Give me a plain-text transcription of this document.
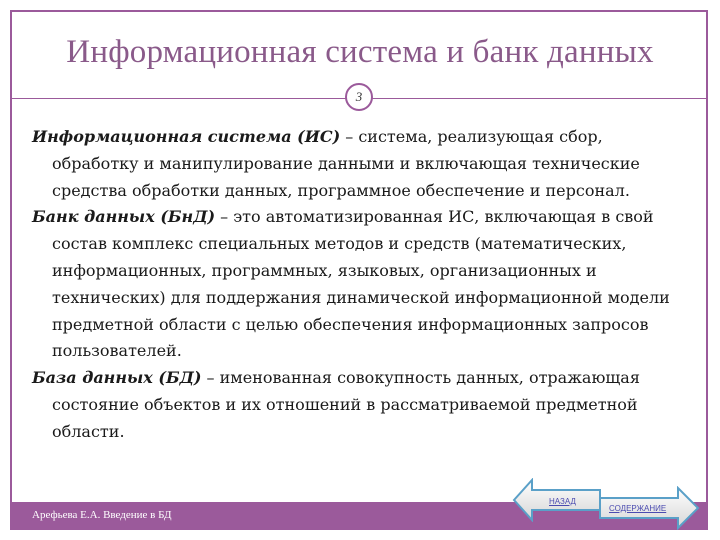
Информационная система и банк данных
3

Информационная система (ИС) – система, реализующая сбор, обработку и манипулирование данными и включающая технические средства обработки данных, программное обеспечение и персонал.

Банк данных (БнД) – это автоматизированная ИС, включающая в свой состав комплекс специальных методов и средств (математических, информационных, программных, языковых, организационных и технических) для поддержания динамической информационной модели предметной области с целью обеспечения информационных запросов пользователей.

База данных (БД) – именованная совокупность данных, отражающая состояние объектов и их отношений в рассматриваемой предметной области.

Арефьева Е.А. Введение в БД
НАЗАД
СОДЕРЖАНИЕ
